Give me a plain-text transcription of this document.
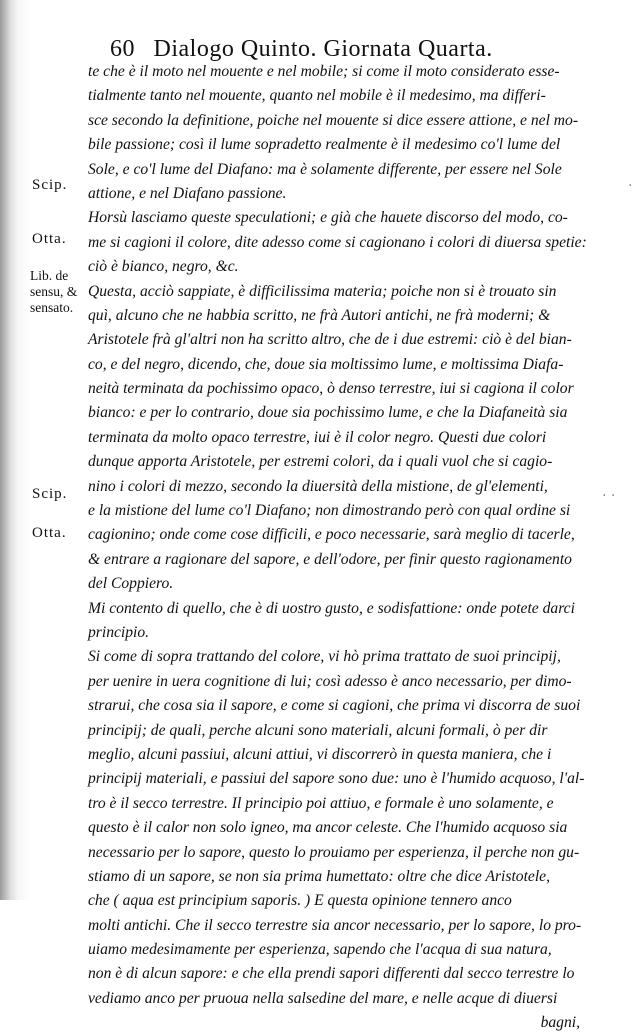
60 Dialogo Quinto. Giornata Quarta.
Scip.
Otta.
Scip.
Otta.
Lib. de
sensu, &
sensato.
·
· ·
te che è il moto nel mouente e nel mobile; si come il moto considerato esse-
tialmente tanto nel mouente, quanto nel mobile è il medesimo, ma differi-
sce secondo la definitione, poiche nel mouente si dice essere attione, e nel mo-
bile passione; così il lume sopradetto realmente è il medesimo co'l lume del
Sole, e co'l lume del Diafano: ma è solamente differente, per essere nel Sole
attione, e nel Diafano passione.
Horsù lasciamo queste speculationi; e già che hauete discorso del modo, co-
me si cagioni il colore, dite adesso come si cagionano i colori di diuersa spetie:
ciò è bianco, negro, &c.
Questa, acciò sappiate, è difficilissima materia; poiche non si è trouato sin
quì, alcuno che ne habbia scritto, ne frà Autori antichi, ne frà moderni; &
Aristotele frà gl'altri non ha scritto altro, che de i due estremi: ciò è del bian-
co, e del negro, dicendo, che, doue sia moltissimo lume, e moltissima Diafa-
neità terminata da pochissimo opaco, ò denso terrestre, iui si cagiona il color
bianco: e per lo contrario, doue sia pochissimo lume, e che la Diafaneità sia
terminata da molto opaco terrestre, iui è il color negro. Questi due colori
dunque apporta Aristotele, per estremi colori, da i quali vuol che si cagio-
nino i colori di mezzo, secondo la diuersità della mistione, de gl'elementi,
e la mistione del lume co'l Diafano; non dimostrando però con qual ordine si
cagionino; onde come cose difficili, e poco necessarie, sarà meglio di tacerle,
& entrare a ragionare del sapore, e dell'odore, per finir questo ragionamento
del Coppiero.
Mi contento di quello, che è di uostro gusto, e sodisfattione: onde potete darci
principio.
Si come di sopra trattando del colore, vi hò prima trattato de suoi principij,
per uenire in uera cognitione di lui; così adesso è anco necessario, per dimo-
strarui, che cosa sia il sapore, e come si cagioni, che prima vi discorra de suoi
principij; de quali, perche alcuni sono materiali, alcuni formali, ò per dir
meglio, alcuni passiui, alcuni attiui, vi discorrerò in questa maniera, che i
principij materiali, e passiui del sapore sono due: uno è l'humido acquoso, l'al-
tro è il secco terrestre. Il principio poi attiuo, e formale è uno solamente, e
questo è il calor non solo igneo, ma ancor celeste. Che l'humido acquoso sia
necessario per lo sapore, questo lo prouiamo per esperienza, il perche non gu-
stiamo di un sapore, se non sia prima humettato: oltre che dice Aristotele,
che ( aqua est principium saporis. ) E questa opinione tennero anco
molti antichi. Che il secco terrestre sia ancor necessario, per lo sapore, lo pro-
uiamo medesimamente per esperienza, sapendo che l'acqua di sua natura,
non è di alcun sapore: e che ella prendi sapori differenti dal secco terrestre lo
vediamo anco per pruoua nella salsedine del mare, e nelle acque di diuersi
bagni,
